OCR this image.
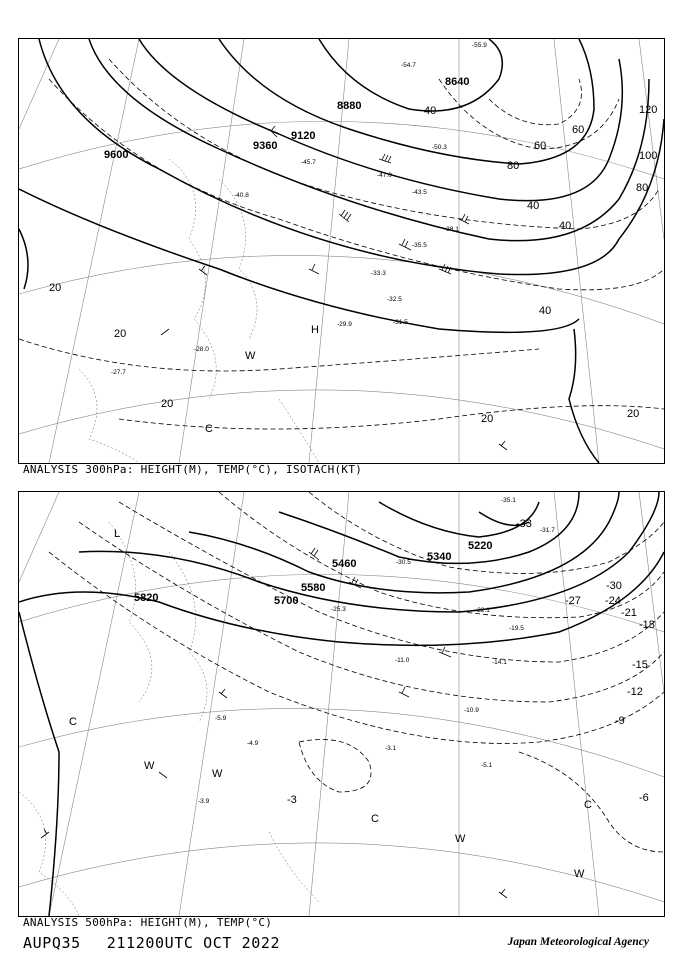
9600
9360
9120
8880
8640
20
20
20
20	20
40
40
40
40
60
60
80
80
100
120
H
W
C
-55.9
-54.7
-50.3
-47.0
-45.7
-43.5
-40.8
-38.1
-35.5
-33.3
-32.5
-31.5
-29.9
-28.0
-27.7
ANALYSIS 300hPa: HEIGHT(M), TEMP(°C), ISOTACH(KT)
5820	5700
5580
5460
5340
5220
-3	-6
-9
-12
-15
-18
-21
-24
-27
-30
-33
L
C
W
W
C
W
C
W
-35.1
-31.7
-30.5
-25.3	-22.1
-19.5
-14.1
-11.0
-10.9
-5.9
-5.1
-4.9
-3.9
-3.1
ANALYSIS 500hPa: HEIGHT(M), TEMP(°C)
AUPQ35 211200UTC OCT 2022	Japan Meteorological Agency
